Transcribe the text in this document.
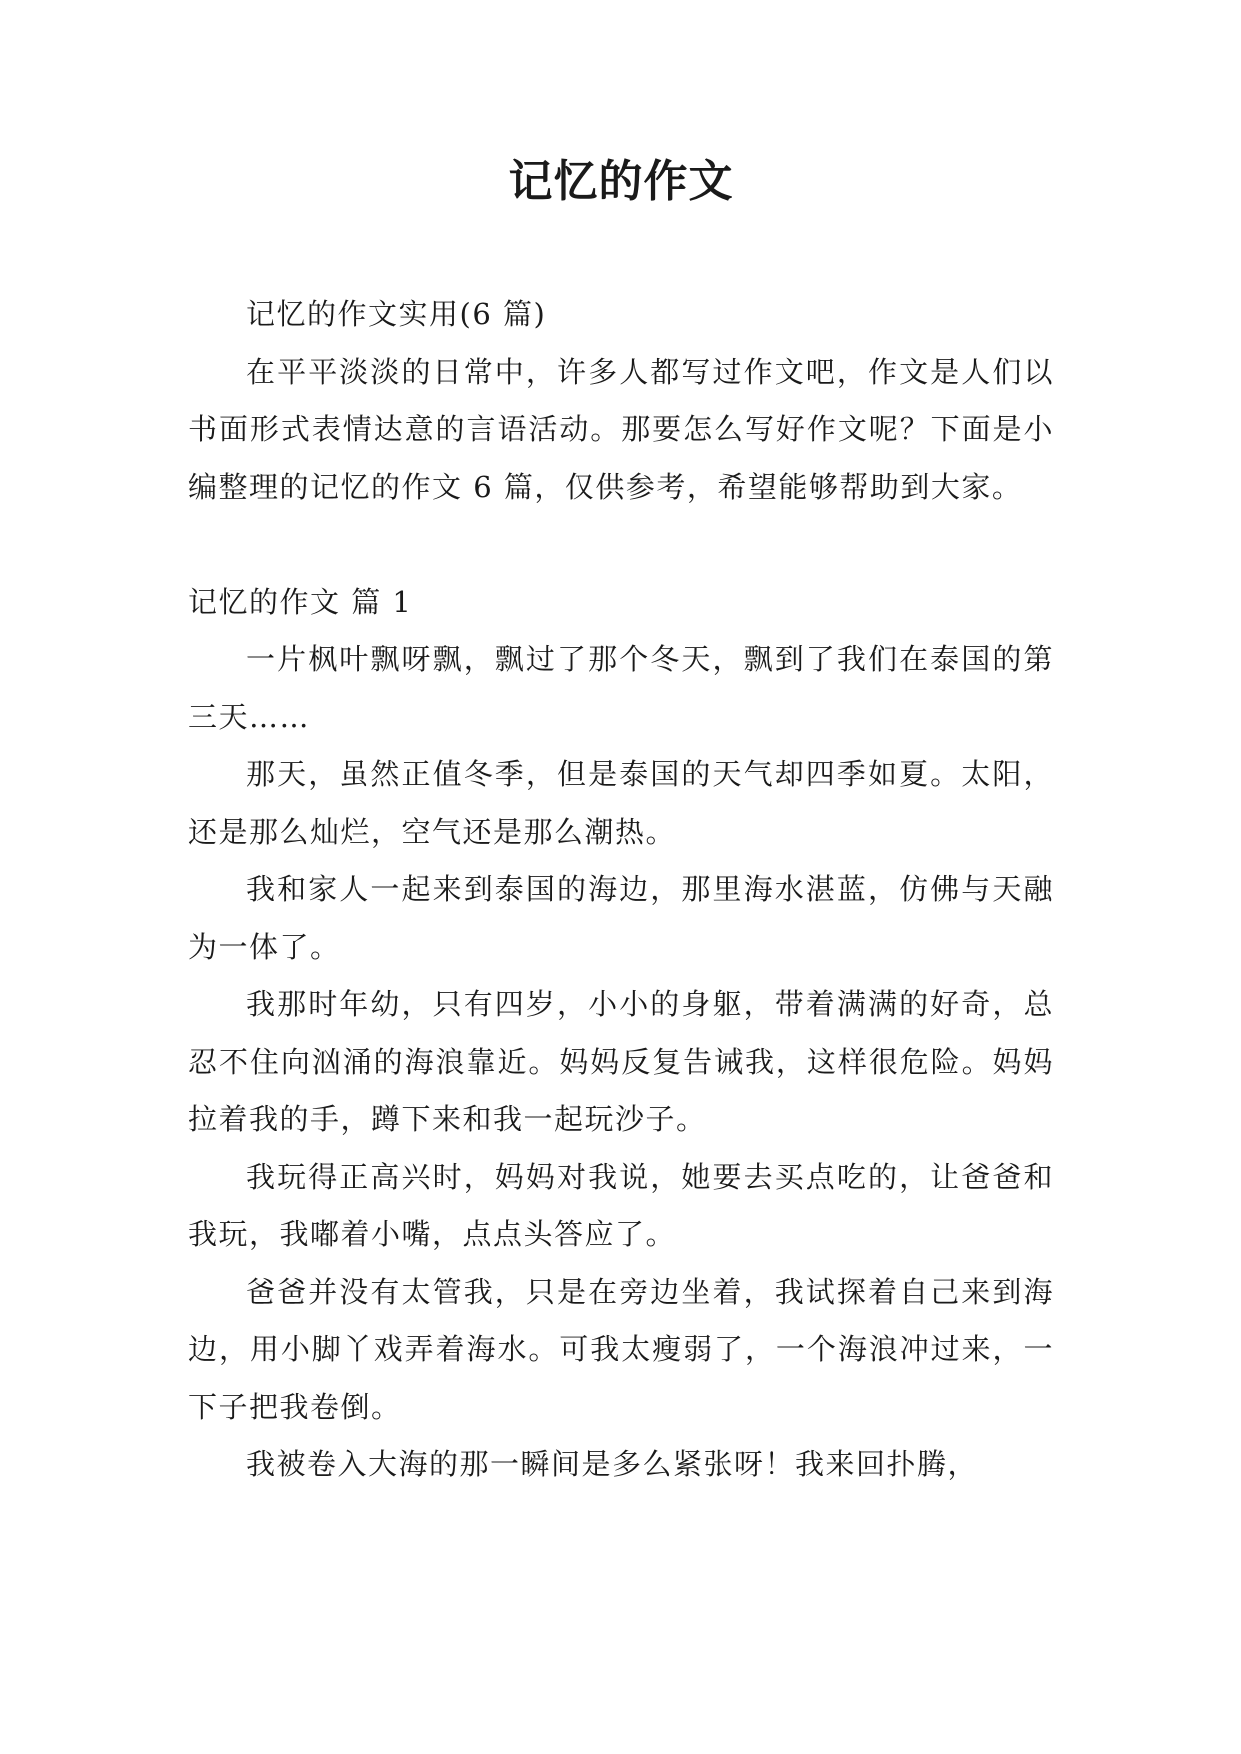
记忆的作文

记忆的作文实用(6 篇)

在平平淡淡的日常中，许多人都写过作文吧，作文是人们以书面形式表情达意的言语活动。那要怎么写好作文呢？下面是小编整理的记忆的作文 6 篇，仅供参考，希望能够帮助到大家。

记忆的作文 篇 1

一片枫叶飘呀飘，飘过了那个冬天，飘到了我们在泰国的第三天……

那天，虽然正值冬季，但是泰国的天气却四季如夏。太阳，还是那么灿烂，空气还是那么潮热。

我和家人一起来到泰国的海边，那里海水湛蓝，仿佛与天融为一体了。

我那时年幼，只有四岁，小小的身躯，带着满满的好奇，总忍不住向汹涌的海浪靠近。妈妈反复告诫我，这样很危险。妈妈拉着我的手，蹲下来和我一起玩沙子。

我玩得正高兴时，妈妈对我说，她要去买点吃的，让爸爸和我玩，我嘟着小嘴，点点头答应了。

爸爸并没有太管我，只是在旁边坐着，我试探着自己来到海边，用小脚丫戏弄着海水。可我太瘦弱了，一个海浪冲过来，一下子把我卷倒。

我被卷入大海的那一瞬间是多么紧张呀！我来回扑腾，
